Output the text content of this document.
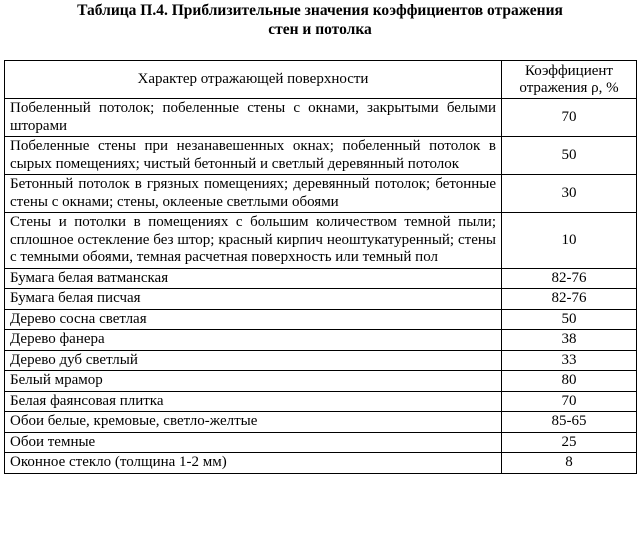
Таблица П.4. Приблизительные значения коэффициентов отражения
стен и потолка
Характер отражающей поверхности	Коэффициент
отражения ρ, %

Побеленный потолок; побеленные стены с окнами, закрытыми белыми шторами	70
Побеленные стены при незанавешенных окнах; побеленный потолок в сырых помещениях; чистый бетонный и светлый деревянный потолок	50
Бетонный потолок в грязных помещениях; деревянный потолок; бетонные стены с окнами; стены, оклееные светлыми обоями	30
Стены и потолки в помещениях с большим количеством темной пыли; сплошное остекление без штор; красный кирпич неоштукатуренный; стены с темными обоями, темная расчетная поверхность или темный пол	10
Бумага белая ватманская	82-76
Бумага белая писчая	82-76
Дерево сосна светлая	50
Дерево фанера	38
Дерево дуб светлый	33
Белый мрамор	80
Белая фаянсовая плитка	70
Обои белые, кремовые, светло-желтые	85-65
Обои темные	25
Оконное стекло (толщина 1-2 мм)	8
